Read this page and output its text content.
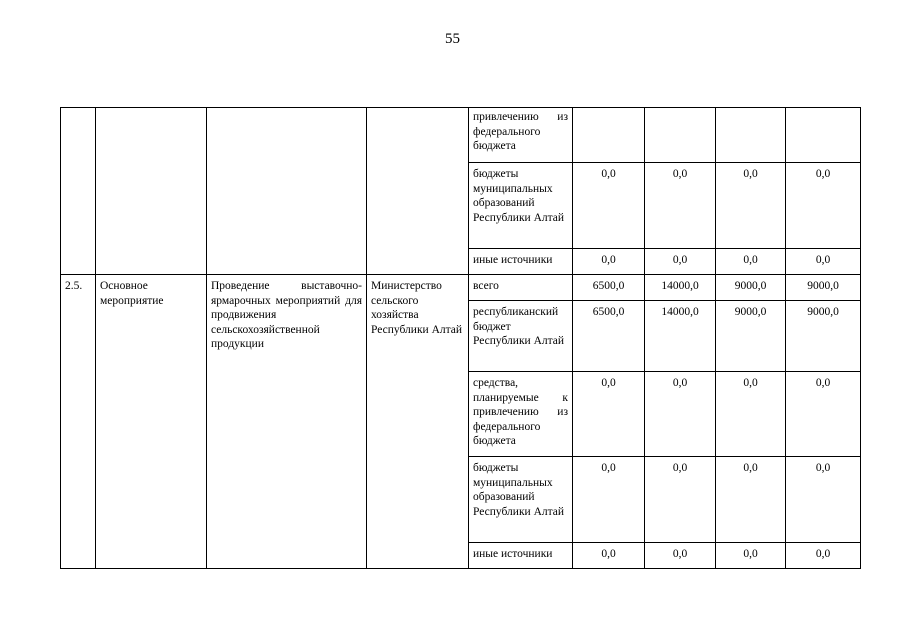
55
				привлечению из федерального бюджета				
				бюджеты муниципальных образований Республики Алтай	0,0	0,0	0,0	0,0
				иные источники	0,0	0,0	0,0	0,0
2.5.	Основное мероприятие	Проведение выставочно-ярмарочных мероприятий для продвижения сельскохозяйственной продукции	Министерство сельского хозяйства Республики Алтай	всего	6500,0	14000,0	9000,0	9000,0
				республиканский бюджет Республики Алтай	6500,0	14000,0	9000,0	9000,0
				средства, планируемые к привлечению из федерального бюджета	0,0	0,0	0,0	0,0
				бюджеты муниципальных образований Республики Алтай	0,0	0,0	0,0	0,0
				иные источники	0,0	0,0	0,0	0,0
